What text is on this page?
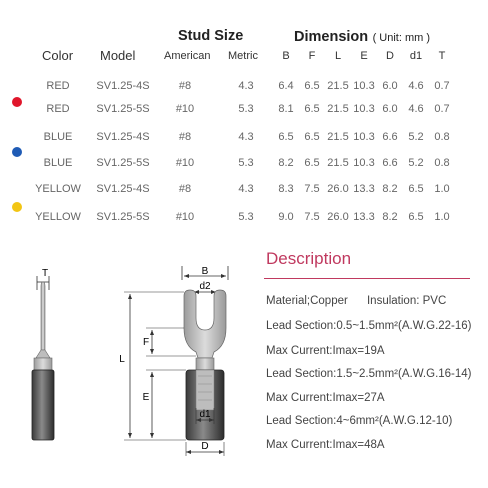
Stud Size	Dimension ( Unit: mm )
Color Model	American Metric	B	F	L	E	D	d1	T
RED	SV1.25-4S	#8	4.3	6.4 6.5 21.5 10.3 6.0 4.6 0.7
RED	SV1.25-5S	#10	5.3	8.1 6.5 21.5 10.3 6.0 4.6 0.7
BLUE	SV1.25-4S	#8	4.3	6.5 6.5 21.5 10.3 6.6 5.2 0.8
BLUE	SV1.25-5S	#10	5.3	8.2 6.5 21.5 10.3 6.6 5.2 0.8
YELLOW	SV1.25-4S	#8	4.3	8.3 7.5 26.0 13.3 8.2 6.5 1.0
YELLOW	SV1.25-5S	#10	5.3	9.0 7.5 26.0 13.3 8.2 6.5 1.0
T	B
d2
L
F
E
d1
D
Description
Material;Copper      Insulation: PVC
Lead Section:0.5~1.5mm²(A.W.G.22-16)
Max Current:Imax=19A
Lead Section:1.5~2.5mm²(A.W.G.16-14)
Max Current:Imax=27A
Lead Section:4~6mm²(A.W.G.12-10)
Max Current:Imax=48A
